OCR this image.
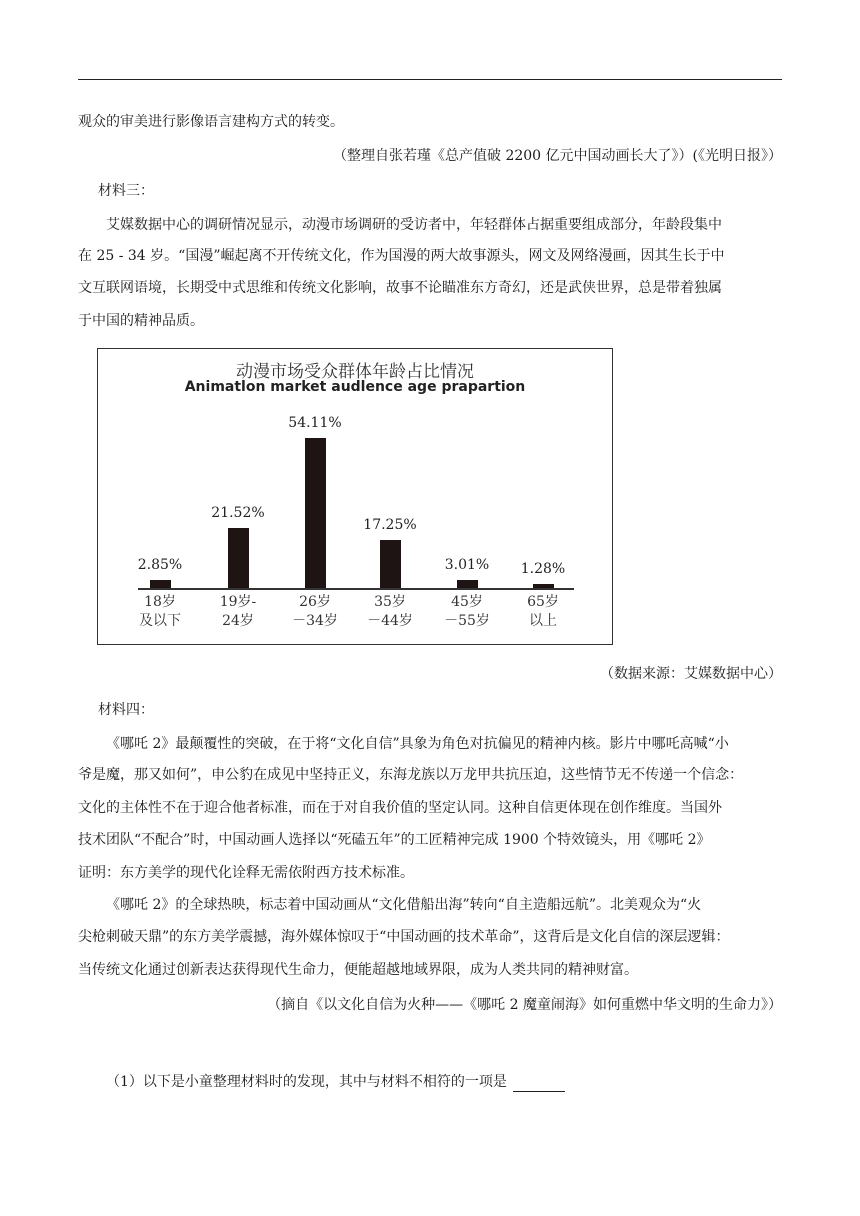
观众的审美进行影像语言建构方式的转变。
（整理自张若瑾《总产值破 2200 亿元中国动画长大了》）(《光明日报》）
材料三：
艾媒数据中心的调研情况显示，动漫市场调研的受访者中，年轻群体占据重要组成部分，年龄段集中
在 25 - 34 岁。“国漫”崛起离不开传统文化，作为国漫的两大故事源头，网文及网络漫画，因其生长于中
文互联网语境，长期受中式思维和传统文化影响，故事不论瞄准东方奇幻，还是武侠世界，总是带着独属
于中国的精神品质。
动漫市场受众群体年龄占比情况
Animatlon market audlence age prapartion
2.85%
18岁
及以下
21.52%
19岁-
24岁
54.11%
26岁
－34岁
17.25%
35岁
－44岁
3.01%
45岁
－55岁
1.28%
65岁
以上
（数据来源：艾媒数据中心）
材料四：
《哪吒 2》最颠覆性的突破，在于将“文化自信”具象为角色对抗偏见的精神内核。影片中哪吒高喊“小
爷是魔，那又如何”，申公豹在成见中坚持正义，东海龙族以万龙甲共抗压迫，这些情节无不传递一个信念：
文化的主体性不在于迎合他者标准，而在于对自我价值的坚定认同。这种自信更体现在创作维度。当国外
技术团队“不配合”时，中国动画人选择以“死磕五年”的工匠精神完成 1900 个特效镜头，用《哪吒 2》
证明：东方美学的现代化诠释无需依附西方技术标准。
《哪吒 2》的全球热映，标志着中国动画从“文化借船出海”转向“自主造船远航”。北美观众为“火
尖枪刺破天鼎”的东方美学震撼，海外媒体惊叹于“中国动画的技术革命”，这背后是文化自信的深层逻辑：
当传统文化通过创新表达获得现代生命力，便能超越地域界限，成为人类共同的精神财富。
（摘自《以文化自信为火种——《哪吒 2 魔童闹海》如何重燃中华文明的生命力》）
（1）以下是小童整理材料时的发现，其中与材料不相符的一项是
